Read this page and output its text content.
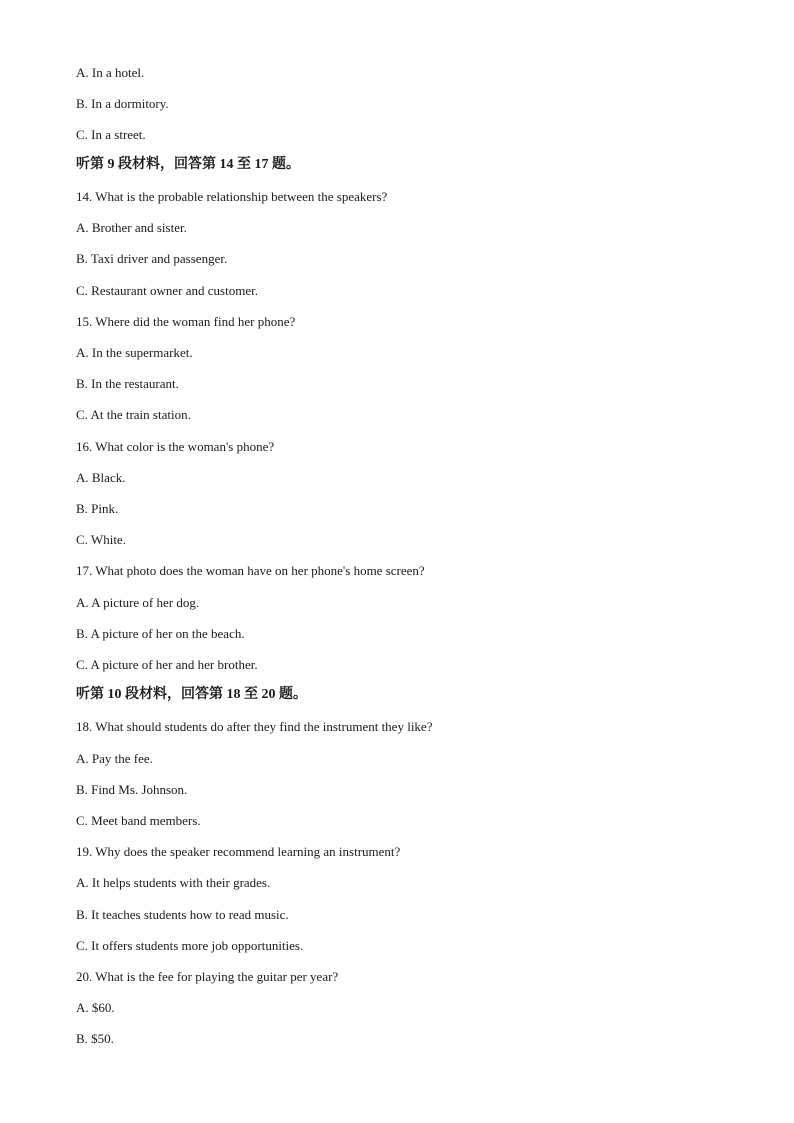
A. In a hotel.
B. In a dormitory.
C. In a street.
听第 9 段材料，回答第 14 至 17 题。
14. What is the probable relationship between the speakers?
A. Brother and sister.
B. Taxi driver and passenger.
C. Restaurant owner and customer.
15. Where did the woman find her phone?
A. In the supermarket.
B. In the restaurant.
C. At the train station.
16. What color is the woman's phone?
A. Black.
B. Pink.
C. White.
17. What photo does the woman have on her phone's home screen?
A. A picture of her dog.
B. A picture of her on the beach.
C. A picture of her and her brother.
听第 10 段材料，回答第 18 至 20 题。
18. What should students do after they find the instrument they like?
A. Pay the fee.
B. Find Ms. Johnson.
C. Meet band members.
19. Why does the speaker recommend learning an instrument?
A. It helps students with their grades.
B. It teaches students how to read music.
C. It offers students more job opportunities.
20. What is the fee for playing the guitar per year?
A. $60.
B. $50.
